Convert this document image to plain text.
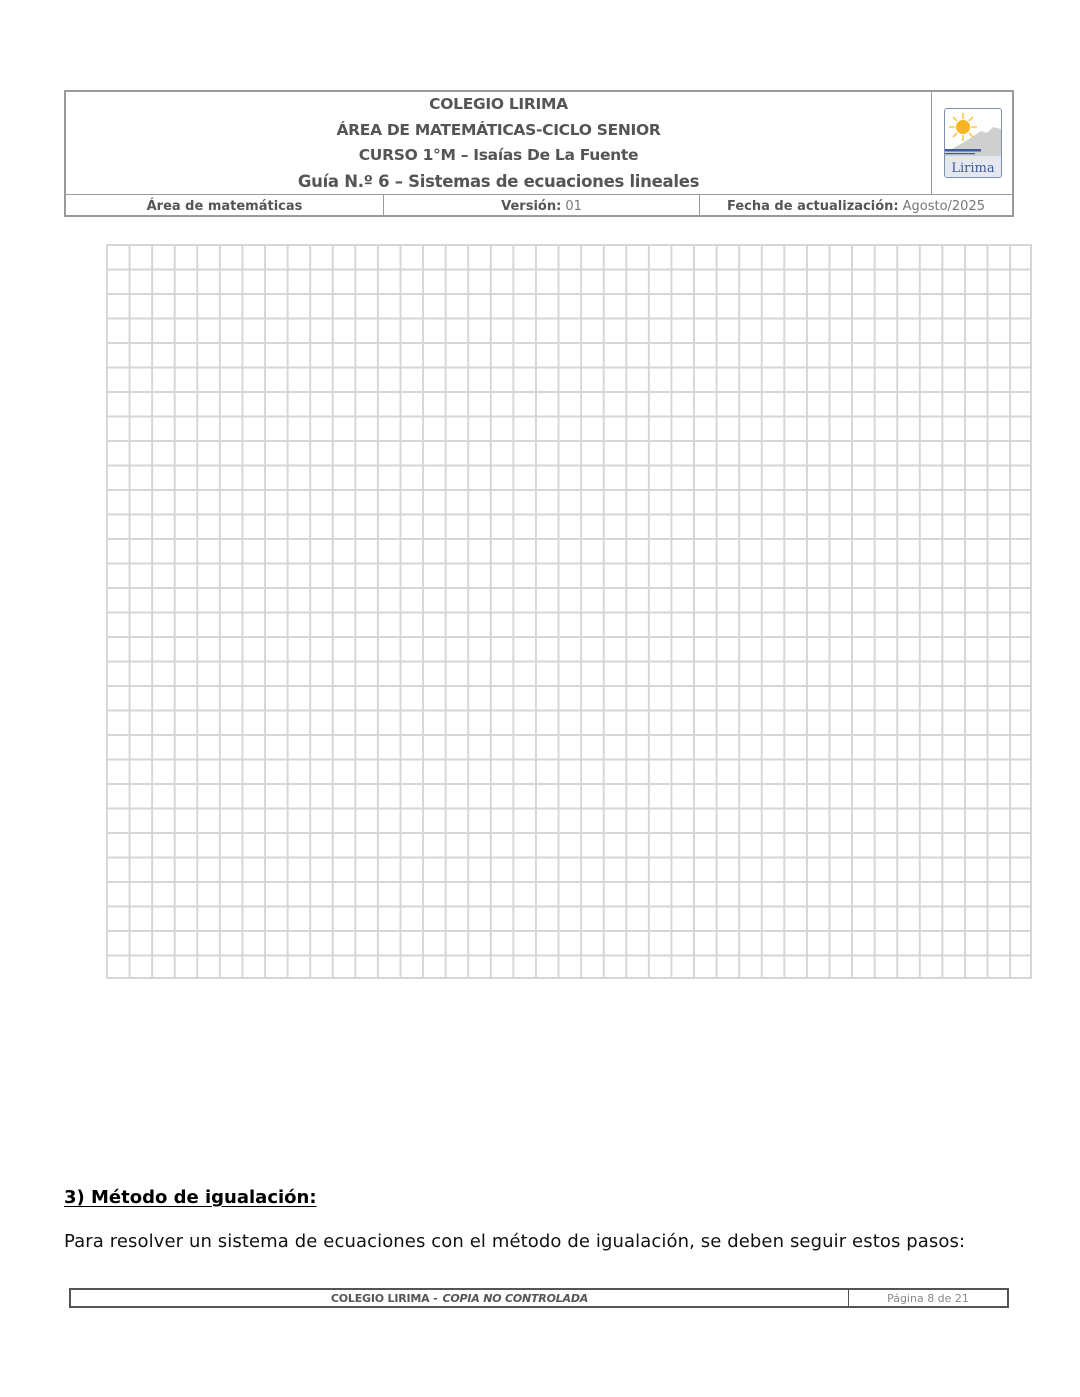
COLEGIO LIRIMA
ÁREA DE MATEMÁTICAS-CICLO SENIOR
CURSO 1°M – Isaías De La Fuente
Guía N.º 6 – Sistemas de ecuaciones lineales
Lirima
Área de matemáticas	Versión: 01	Fecha de actualización: Agosto/2025
3) Método de igualación:
Para resolver un sistema de ecuaciones con el método de igualación, se deben seguir estos pasos:
COLEGIO LIRIMA - COPIA NO CONTROLADA	Página 8 de 21
